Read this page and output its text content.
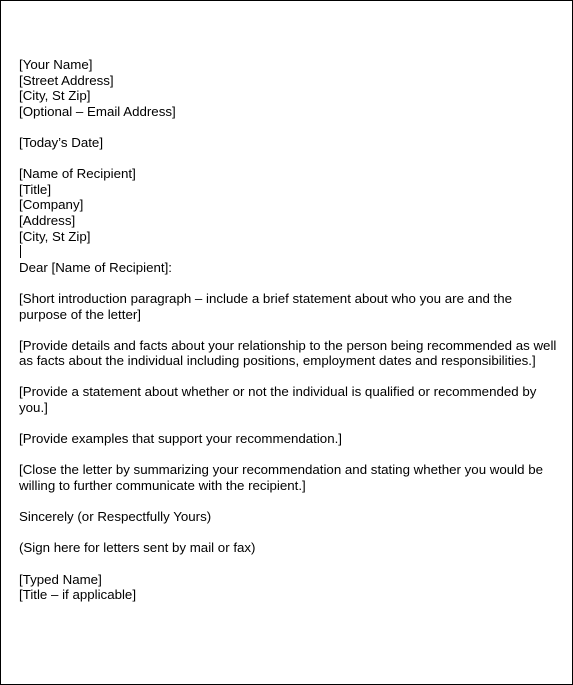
[Your Name]
[Street Address]
[City, St Zip]
[Optional – Email Address]
[Today’s Date]
[Name of Recipient]
[Title]
[Company]
[Address]
[City, St Zip]
Dear [Name of Recipient]:
[Short introduction paragraph – include a brief statement about who you are and the purpose of the letter]
[Provide details and facts about your relationship to the person being recommended as well as facts about the individual including positions, employment dates and responsibilities.]
[Provide a statement about whether or not the individual is qualified or recommended by you.]
[Provide examples that support your recommendation.]
[Close the letter by summarizing your recommendation and stating whether you would be willing to further communicate with the recipient.]
Sincerely (or Respectfully Yours)
(Sign here for letters sent by mail or fax)
[Typed Name]
[Title – if applicable]
